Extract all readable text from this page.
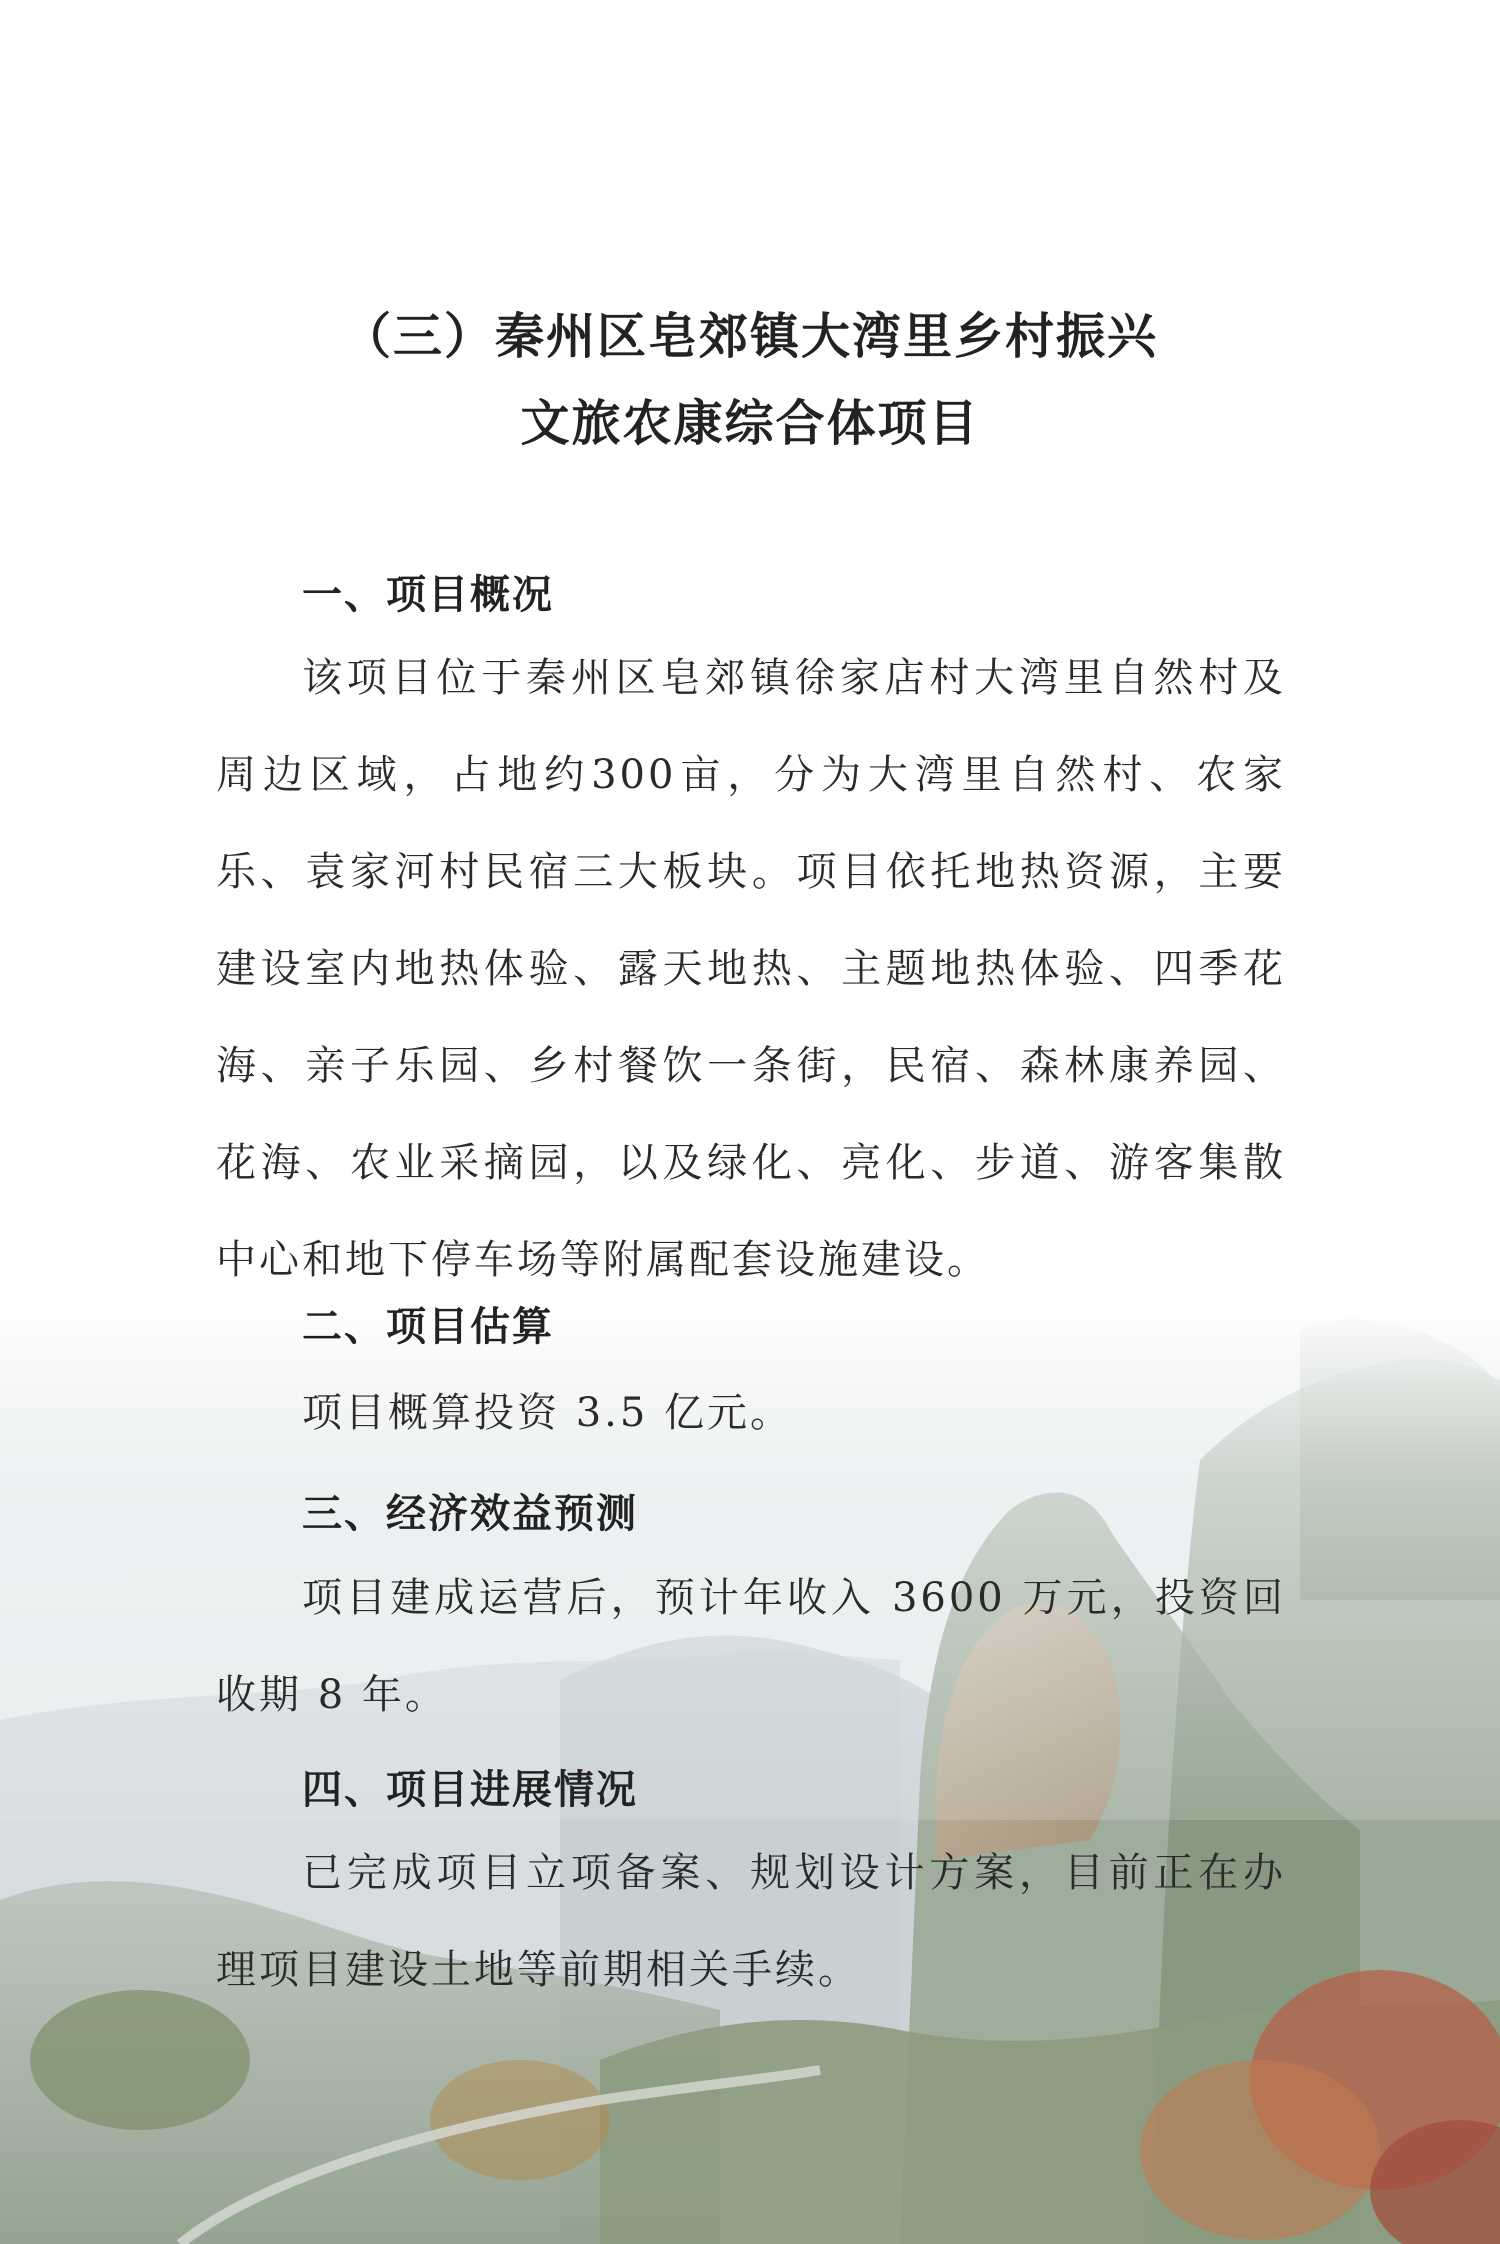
（三）秦州区皂郊镇大湾里乡村振兴
文旅农康综合体项目
一、项目概况
该项目位于秦州区皂郊镇徐家店村大湾里自然村及周边区域，占地约300亩，分为大湾里自然村、农家乐、袁家河村民宿三大板块。项目依托地热资源，主要建设室内地热体验、露天地热、主题地热体验、四季花海、亲子乐园、乡村餐饮一条街，民宿、森林康养园、花海、农业采摘园，以及绿化、亮化、步道、游客集散中心和地下停车场等附属配套设施建设。
二、项目估算
项目概算投资 3.5 亿元。
三、经济效益预测
项目建成运营后，预计年收入 3600 万元，投资回收期 8 年。
四、项目进展情况
已完成项目立项备案、规划设计方案，目前正在办理项目建设土地等前期相关手续。
